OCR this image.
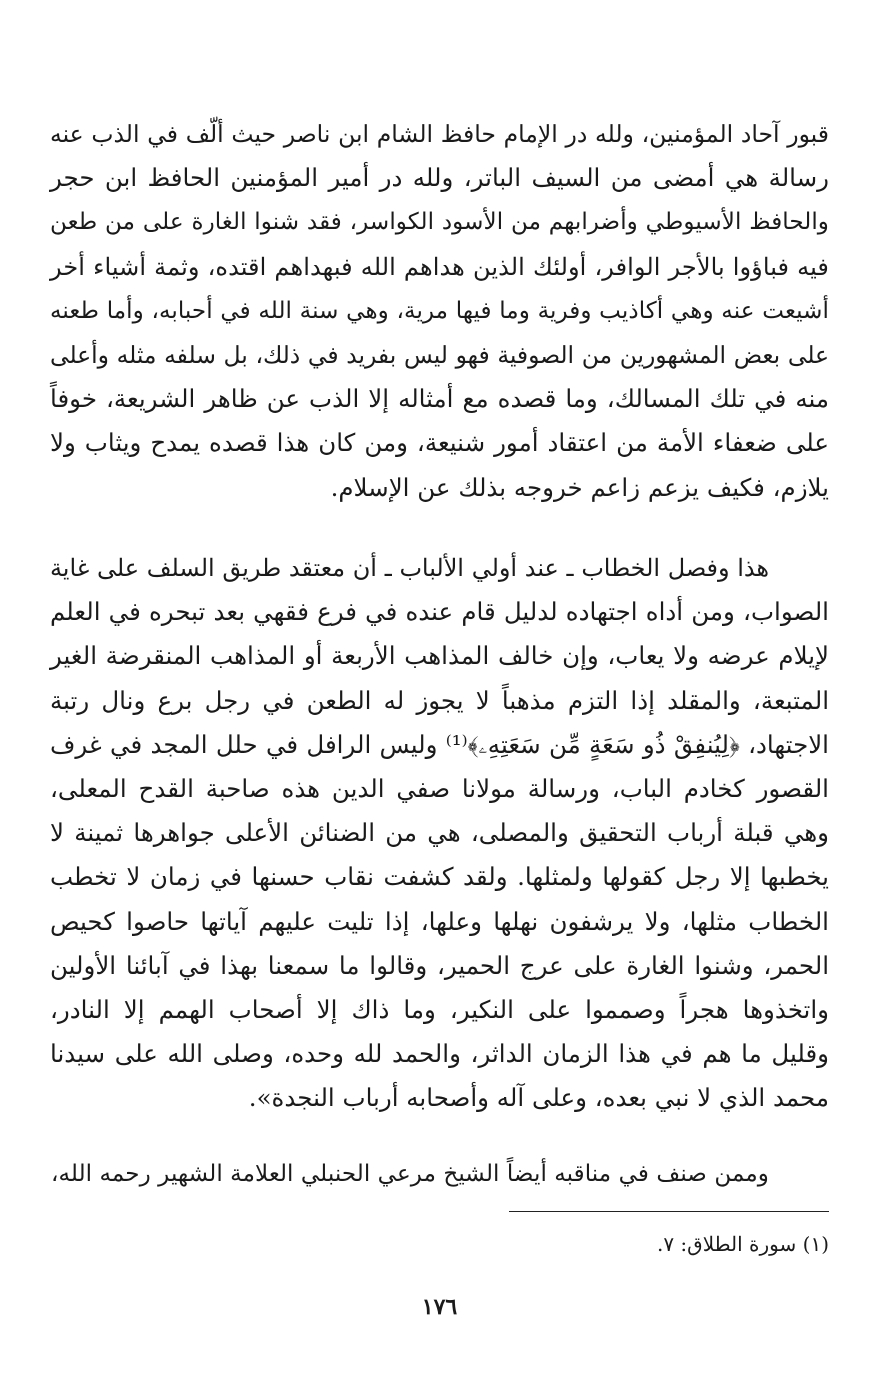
قبور آحاد المؤمنين، ولله در الإمام حافظ الشام ابن ناصر حيث ألّف في الذب عنه
رسالة هي أمضى من السيف الباتر، ولله در أمير المؤمنين الحافظ ابن حجر
والحافظ الأسيوطي وأضرابهم من الأسود الكواسر، فقد شنوا الغارة على من طعن
فيه فباؤوا بالأجر الوافر، أولئك الذين هداهم الله فبهداهم اقتده، وثمة أشياء أخر
أشيعت عنه وهي أكاذيب وفرية وما فيها مرية، وهي سنة الله في أحبابه، وأما طعنه
على بعض المشهورين من الصوفية فهو ليس بفريد في ذلك، بل سلفه مثله وأعلى
منه في تلك المسالك، وما قصده مع أمثاله إلا الذب عن ظاهر الشريعة، خوفاً
على ضعفاء الأمة من اعتقاد أمور شنيعة، ومن كان هذا قصده يمدح ويثاب ولا
يلازم، فكيف يزعم زاعم خروجه بذلك عن الإسلام.
هذا وفصل الخطاب ـ عند أولي الألباب ـ أن معتقد طريق السلف على غاية
الصواب، ومن أداه اجتهاده لدليل قام عنده في فرع فقهي بعد تبحره في العلم
لإيلام عرضه ولا يعاب، وإن خالف المذاهب الأربعة أو المذاهب المنقرضة الغير
المتبعة، والمقلد إذا التزم مذهباً لا يجوز له الطعن في رجل برع ونال رتبة
الاجتهاد، ﴿لِيُنفِقْ ذُو سَعَةٍ مِّن سَعَتِهِۦ﴾⁽¹⁾ وليس الرافل في حلل المجد في غرف
القصور كخادم الباب، ورسالة مولانا صفي الدين هذه صاحبة القدح المعلى،
وهي قبلة أرباب التحقيق والمصلى، هي من الضنائن الأعلى جواهرها ثمينة لا
يخطبها إلا رجل كقولها ولمثلها. ولقد كشفت نقاب حسنها في زمان لا تخطب
الخطاب مثلها، ولا يرشفون نهلها وعلها، إذا تليت عليهم آياتها حاصوا كحيص
الحمر، وشنوا الغارة على عرج الحمير، وقالوا ما سمعنا بهذا في آبائنا الأولين
واتخذوها هجراً وصمموا على النكير، وما ذاك إلا أصحاب الهمم إلا النادر،
وقليل ما هم في هذا الزمان الداثر، والحمد لله وحده، وصلى الله على سيدنا
محمد الذي لا نبي بعده، وعلى آله وأصحابه أرباب النجدة».
وممن صنف في مناقبه أيضاً الشيخ مرعي الحنبلي العلامة الشهير رحمه الله،
(١) سورة الطلاق: ٧.
١٧٦
